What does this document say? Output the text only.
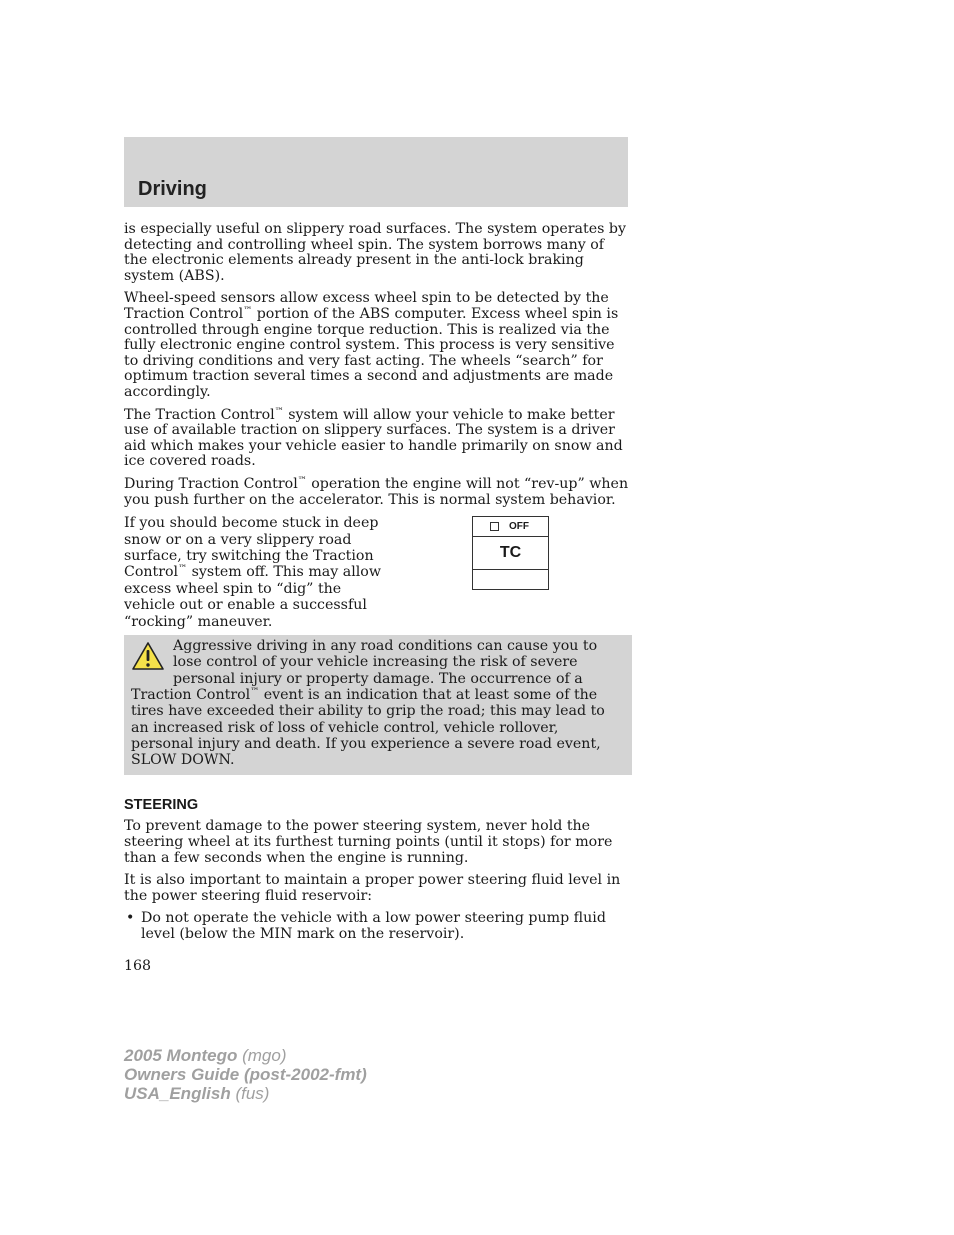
Driving

is especially useful on slippery road surfaces. The system operates by detecting and controlling wheel spin. The system borrows many of the electronic elements already present in the anti-lock braking system (ABS).

Wheel-speed sensors allow excess wheel spin to be detected by the Traction Control™ portion of the ABS computer. Excess wheel spin is controlled through engine torque reduction. This is realized via the fully electronic engine control system. This process is very sensitive to driving conditions and very fast acting. The wheels “search” for optimum traction several times a second and adjustments are made accordingly.

The Traction Control™ system will allow your vehicle to make better use of available traction on slippery surfaces. The system is a driver aid which makes your vehicle easier to handle primarily on snow and ice covered roads.

During Traction Control™ operation the engine will not “rev-up” when you push further on the accelerator. This is normal system behavior.

If you should become stuck in deep snow or on a very slippery road surface, try switching the Traction Control™ system off. This may allow excess wheel spin to “dig” the vehicle out or enable a successful “rocking” maneuver.
OFF
TC
Aggressive driving in any road conditions can cause you to lose control of your vehicle increasing the risk of severe personal injury or property damage. The occurrence of a Traction Control™ event is an indication that at least some of the tires have exceeded their ability to grip the road; this may lead to an increased risk of loss of vehicle control, vehicle rollover, personal injury and death. If you experience a severe road event, SLOW DOWN.
STEERING

To prevent damage to the power steering system, never hold the steering wheel at its furthest turning points (until it stops) for more than a few seconds when the engine is running.

It is also important to maintain a proper power steering fluid level in the power steering fluid reservoir:

• Do not operate the vehicle with a low power steering pump fluid level (below the MIN mark on the reservoir).
168
2005 Montego (mgo)
Owners Guide (post-2002-fmt)
USA_English (fus)
